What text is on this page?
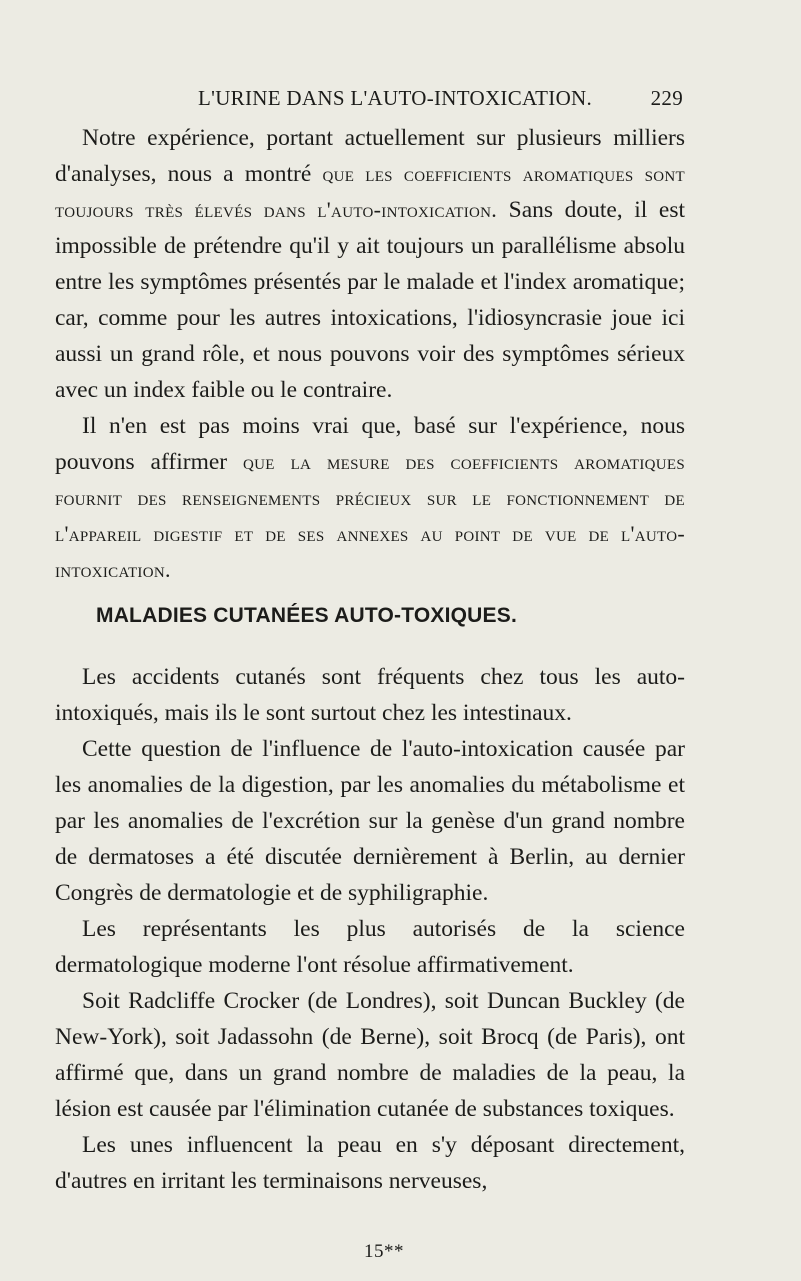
L'URINE DANS L'AUTO-INTOXICATION.	229

Notre expérience, portant actuellement sur plusieurs milliers d'analyses, nous a montré que les coefficients aromatiques sont toujours très élevés dans l'auto-intoxication. Sans doute, il est impossible de prétendre qu'il y ait toujours un parallélisme absolu entre les symptômes présentés par le malade et l'index aromatique; car, comme pour les autres intoxications, l'idiosyncrasie joue ici aussi un grand rôle, et nous pouvons voir des symptômes sérieux avec un index faible ou le contraire.

Il n'en est pas moins vrai que, basé sur l'expérience, nous pouvons affirmer que la mesure des coefficients aromatiques fournit des renseignements précieux sur le fonctionnement de l'appareil digestif et de ses annexes au point de vue de l'auto-intoxication.

MALADIES CUTANÉES AUTO-TOXIQUES.

Les accidents cutanés sont fréquents chez tous les auto-intoxiqués, mais ils le sont surtout chez les intestinaux.

Cette question de l'influence de l'auto-intoxication causée par les anomalies de la digestion, par les anomalies du métabolisme et par les anomalies de l'excrétion sur la genèse d'un grand nombre de dermatoses a été discutée dernièrement à Berlin, au dernier Congrès de dermatologie et de syphiligraphie.

Les représentants les plus autorisés de la science dermatologique moderne l'ont résolue affirmativement.

Soit Radcliffe Crocker (de Londres), soit Duncan Buckley (de New-York), soit Jadassohn (de Berne), soit Brocq (de Paris), ont affirmé que, dans un grand nombre de maladies de la peau, la lésion est causée par l'élimination cutanée de substances toxiques.

Les unes influencent la peau en s'y déposant directement, d'autres en irritant les terminaisons nerveuses,

15**
